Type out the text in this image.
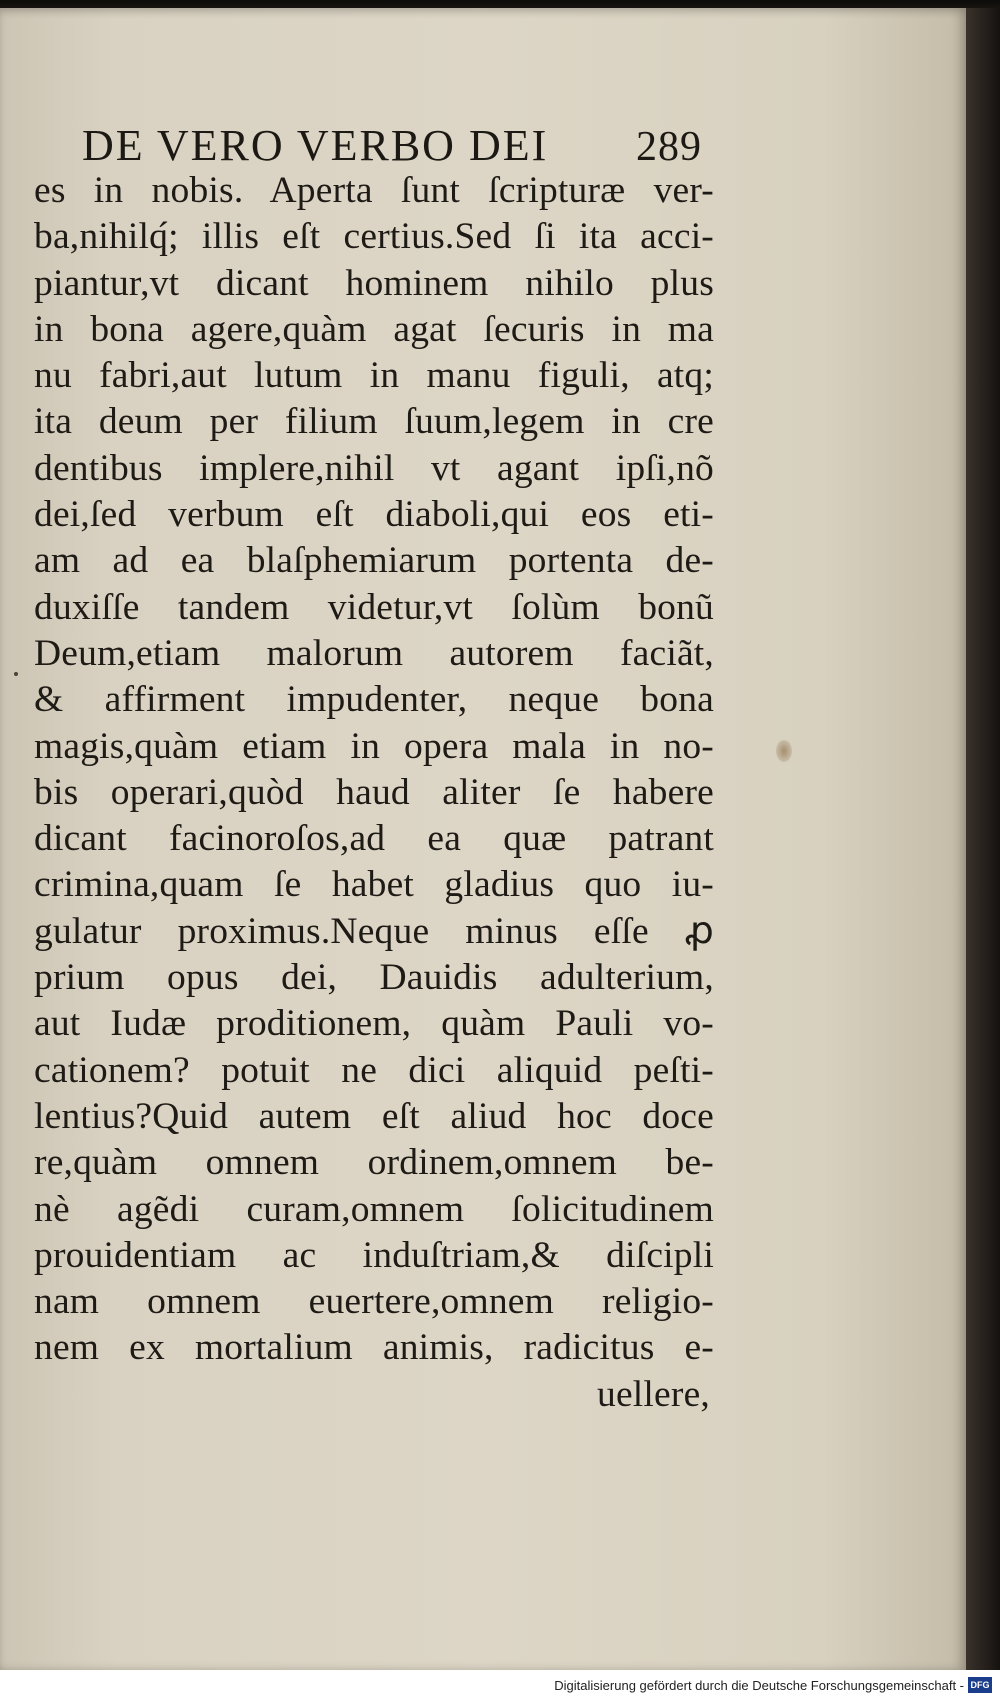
DE VERO VERBO DEI 289
es in nobis. Aperta ſunt ſcripturæ ver-
ba,nihilq́; illis eſt certius.Sed ſi ita acci-
piantur,vt dicant hominem nihilo plus
in bona agere,quàm agat ſecuris in ma
nu fabri,aut lutum in manu figuli, atq;
ita deum per filium ſuum,legem in cre
dentibus implere,nihil vt agant ipſi,nõ
dei,ſed verbum eſt diaboli,qui eos eti-
am ad ea blaſphemiarum portenta de-
duxiſſe tandem videtur,vt ſolùm bonũ
Deum,etiam malorum autorem faciãt,
& affirment impudenter, neque bona
magis,quàm etiam in opera mala in no-
bis operari,quòd haud aliter ſe habere
dicant facinoroſos,ad ea quæ patrant
crimina,quam ſe habet gladius quo iu-
gulatur proximus.Neque minus eſſe ꝓ
prium opus dei, Dauidis adulterium,
aut Iudæ proditionem, quàm Pauli vo-
cationem? potuit ne dici aliquid peſti-
lentius?Quid autem eſt aliud hoc doce
re,quàm omnem ordinem,omnem be-
nè agẽdi curam,omnem ſolicitudinem
prouidentiam ac induſtriam,& diſcipli
nam omnem euertere,omnem religio-
nem ex mortalium animis, radicitus e-
uellere,
Digitalisierung gefördert durch die Deutsche Forschungsgemeinschaft - DFG
